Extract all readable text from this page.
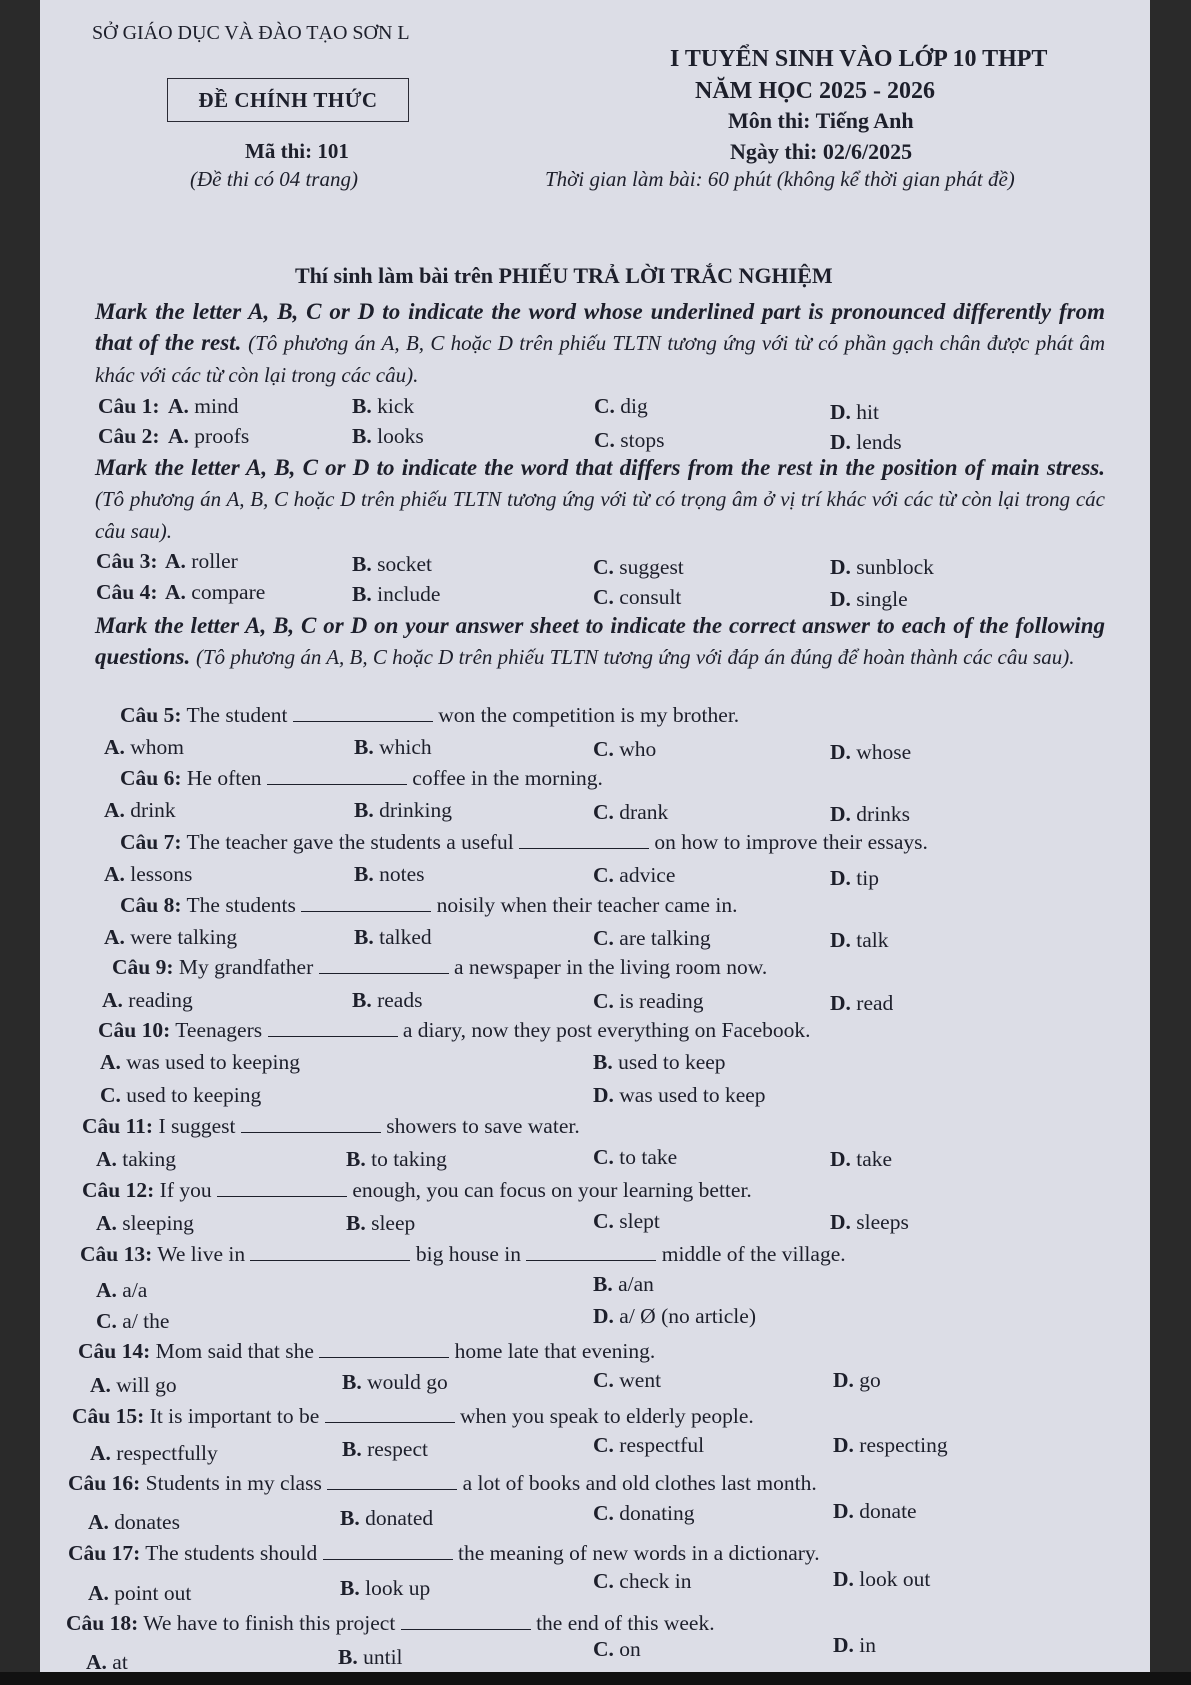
SỞ GIÁO DỤC VÀ ĐÀO TẠO SƠN L
I TUYỂN SINH VÀO LỚP 10 THPT
ĐỀ CHÍNH THỨC	NĂM HỌC 2025 - 2026
Môn thi: Tiếng Anh
Mã thi: 101	Ngày thi: 02/6/2025
(Đề thi có 04 trang)	Thời gian làm bài: 60 phút (không kể thời gian phát đề)
Thí sinh làm bài trên PHIẾU TRẢ LỜI TRẮC NGHIỆM
Mark the letter A, B, C or D to indicate the word whose underlined part is pronounced differently from that of the rest. (Tô phương án A, B, C hoặc D trên phiếu TLTN tương ứng với từ có phần gạch chân được phát âm khác với các từ còn lại trong các câu).
Câu 1: A. mind	B. kick	C. dig	D. hit
Câu 2: A. proofs	B. looks	C. stops	D. lends
Mark the letter A, B, C or D to indicate the word that differs from the rest in the position of main stress. (Tô phương án A, B, C hoặc D trên phiếu TLTN tương ứng với từ có trọng âm ở vị trí khác với các từ còn lại trong các câu sau).
Câu 3: A. roller	B. socket	C. suggest	D. sunblock
Câu 4: A. compare	B. include	C. consult	D. single
Mark the letter A, B, C or D on your answer sheet to indicate the correct answer to each of the following questions. (Tô phương án A, B, C hoặc D trên phiếu TLTN tương ứng với đáp án đúng để hoàn thành các câu sau).
Câu 5: The student	won the competition is my brother.
A. whom	B. which	C. who	D. whose
Câu 6: He often	coffee in the morning.
A. drink	B. drinking	C. drank	D. drinks
Câu 7: The teacher gave the students a useful	on how to improve their essays.
A. lessons	B. notes	C. advice	D. tip
Câu 8: The students	noisily when their teacher came in.
A. were talking	B. talked	C. are talking	D. talk
Câu 9: My grandfather	a newspaper in the living room now.
A. reading	B. reads	C. is reading	D. read
Câu 10: Teenagers	a diary, now they post everything on Facebook.
A. was used to keeping	B. used to keep
C. used to keeping	D. was used to keep
Câu 11: I suggest	showers to save water.
A. taking	B. to taking	C. to take	D. take
Câu 12: If you	enough, you can focus on your learning better.
A. sleeping	B. sleep	C. slept	D. sleeps
Câu 13: We live in	big house in	middle of the village.
A. a/a	B. a/an
C. a/ the	D. a/ Ø (no article)
Câu 14: Mom said that she	home late that evening.
A. will go	B. would go	C. went	D. go
Câu 15: It is important to be	when you speak to elderly people.
A. respectfully	B. respect	C. respectful	D. respecting
Câu 16: Students in my class	a lot of books and old clothes last month.
A. donates	B. donated	C. donating	D. donate
Câu 17: The students should	the meaning of new words in a dictionary.
A. point out	B. look up	C. check in	D. look out
Câu 18: We have to finish this project	the end of this week.
A. at	B. until	C. on	D. in
